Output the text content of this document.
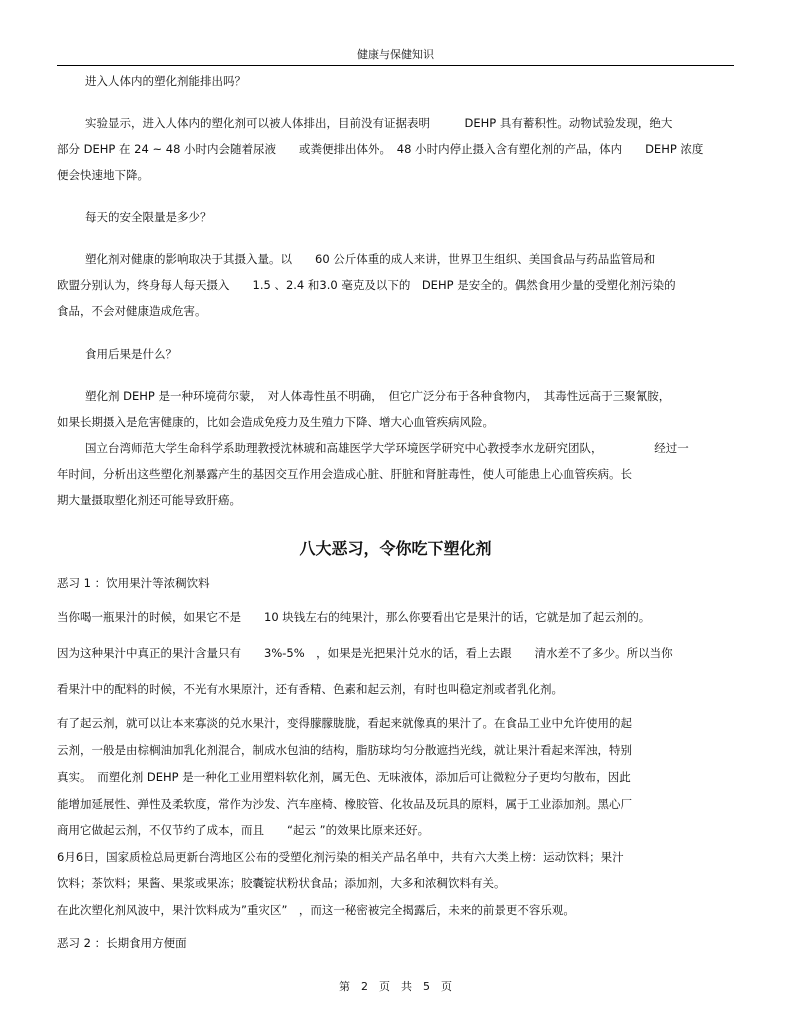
健康与保健知识
进入人体内的塑化剂能排出吗？
实验显示，进入人体内的塑化剂可以被人体排出，目前没有证据表明　　　DEHP 具有蓄积性。动物试验发现，绝大
部分 DEHP 在 24 ~ 48 小时内会随着尿液　　或粪便排出体外。　48 小时内停止摄入含有塑化剂的产品，体内　　DEHP 浓度
便会快速地下降。
每天的安全限量是多少？
塑化剂对健康的影响取决于其摄入量。以　　60 公斤体重的成人来讲，世界卫生组织、美国食品与药品监管局和
欧盟分别认为，终身每人每天摄入　　1.5 、2.4 和3.0 毫克及以下的　DEHP 是安全的。偶然食用少量的受塑化剂污染的
食品，不会对健康造成危害。
食用后果是什么？
塑化剂 DEHP 是一种环境荷尔蒙，　对人体毒性虽不明确，　但它广泛分布于各种食物内，　其毒性远高于三聚氰胺，
如果长期摄入是危害健康的，比如会造成免疫力及生殖力下降、增大心血管疾病风险。
国立台湾师范大学生命科学系助理教授沈林琥和高雄医学大学环境医学研究中心教授李水龙研究团队，　　　　　经过一
年时间，分析出这些塑化剂暴露产生的基因交互作用会造成心脏、肝脏和肾脏毒性，使人可能患上心血管疾病。长
期大量摄取塑化剂还可能导致肝癌。
八大恶习，令你吃下塑化剂
恶习 1 ：饮用果汁等浓稠饮料
当你喝一瓶果汁的时候，如果它不是　　10 块钱左右的纯果汁，那么你要看出它是果汁的话，它就是加了起云剂的。
因为这种果汁中真正的果汁含量只有　　3%-5%　，如果是光把果汁兑水的话，看上去跟　　清水差不了多少。所以当你
看果汁中的配料的时候，不光有水果原汁，还有香精、色素和起云剂，有时也叫稳定剂或者乳化剂。
有了起云剂，就可以让本来寡淡的兑水果汁，变得朦朦胧胧，看起来就像真的果汁了。在食品工业中允许使用的起
云剂，一般是由棕榈油加乳化剂混合，制成水包油的结构，脂肪球均匀分散遮挡光线，就让果汁看起来浑浊，特别
真实。　而塑化剂 DEHP 是一种化工业用塑料软化剂，属无色、无味液体，添加后可让微粒分子更均匀散布，因此
能增加延展性、弹性及柔软度，常作为沙发、汽车座椅、橡胶管、化妆品及玩具的原料，属于工业添加剂。黑心厂
商用它做起云剂，不仅节约了成本，而且　　“起云 ”的效果比原来还好。
6月6日，国家质检总局更新台湾地区公布的受塑化剂污染的相关产品名单中，共有六大类上榜：运动饮料；果汁
饮料；茶饮料；果酱、果浆或果冻；胶囊锭状粉状食品；添加剂，大多和浓稠饮料有关。
在此次塑化剂风波中，果汁饮料成为”重灾区”　，而这一秘密被完全揭露后，未来的前景更不容乐观。
恶习 2 ：长期食用方便面
第　2　页　共　5　页
